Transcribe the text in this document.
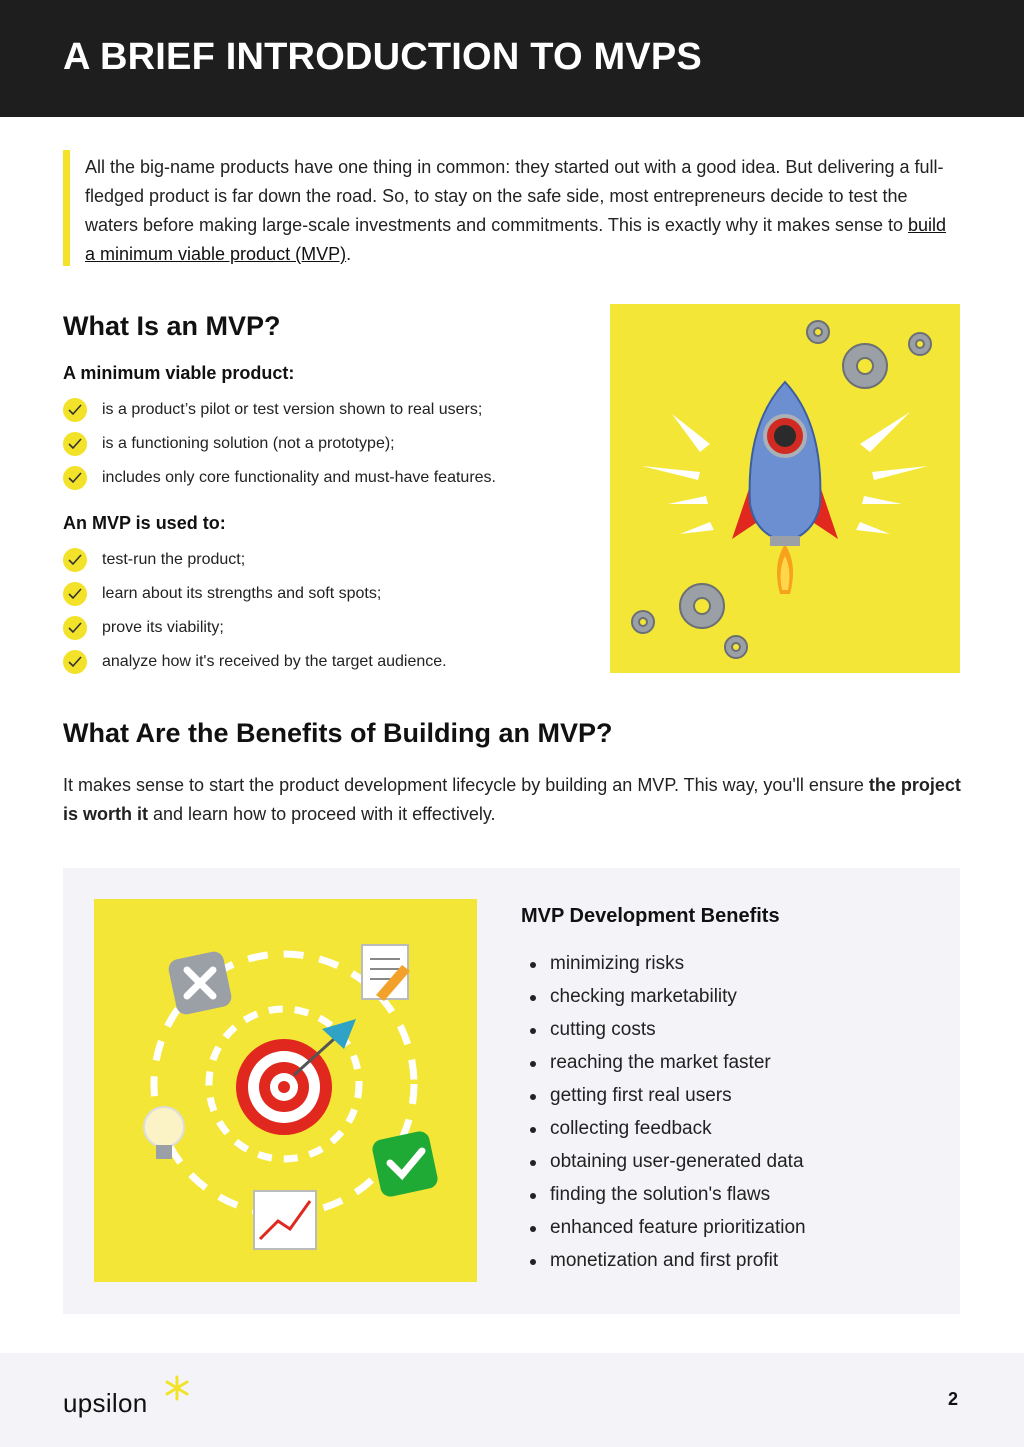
A BRIEF INTRODUCTION TO MVPS

All the big-name products have one thing in common: they started out with a good idea. But delivering a full-fledged product is far down the road. So, to stay on the safe side, most entrepreneurs decide to test the waters before making large-scale investments and commitments. This is exactly why it makes sense to build a minimum viable product (MVP).

What Is an MVP?
A minimum viable product:
is a product’s pilot or test version shown to real users;
is a functioning solution (not a prototype);
includes only core functionality and must-have features.
An MVP is used to:
test-run the product;
learn about its strengths and soft spots;
prove its viability;
analyze how it's received by the target audience.
What Are the Benefits of Building an MVP?

It makes sense to start the product development lifecycle by building an MVP. This way, you'll ensure the project is worth it and learn how to proceed with it effectively.

MVP Development Benefits
minimizing risks
checking marketability
cutting costs
reaching the market faster
getting first real users
collecting feedback
obtaining user-generated data
finding the solution's flaws
enhanced feature prioritization
monetization and first profit
upsilon	2
